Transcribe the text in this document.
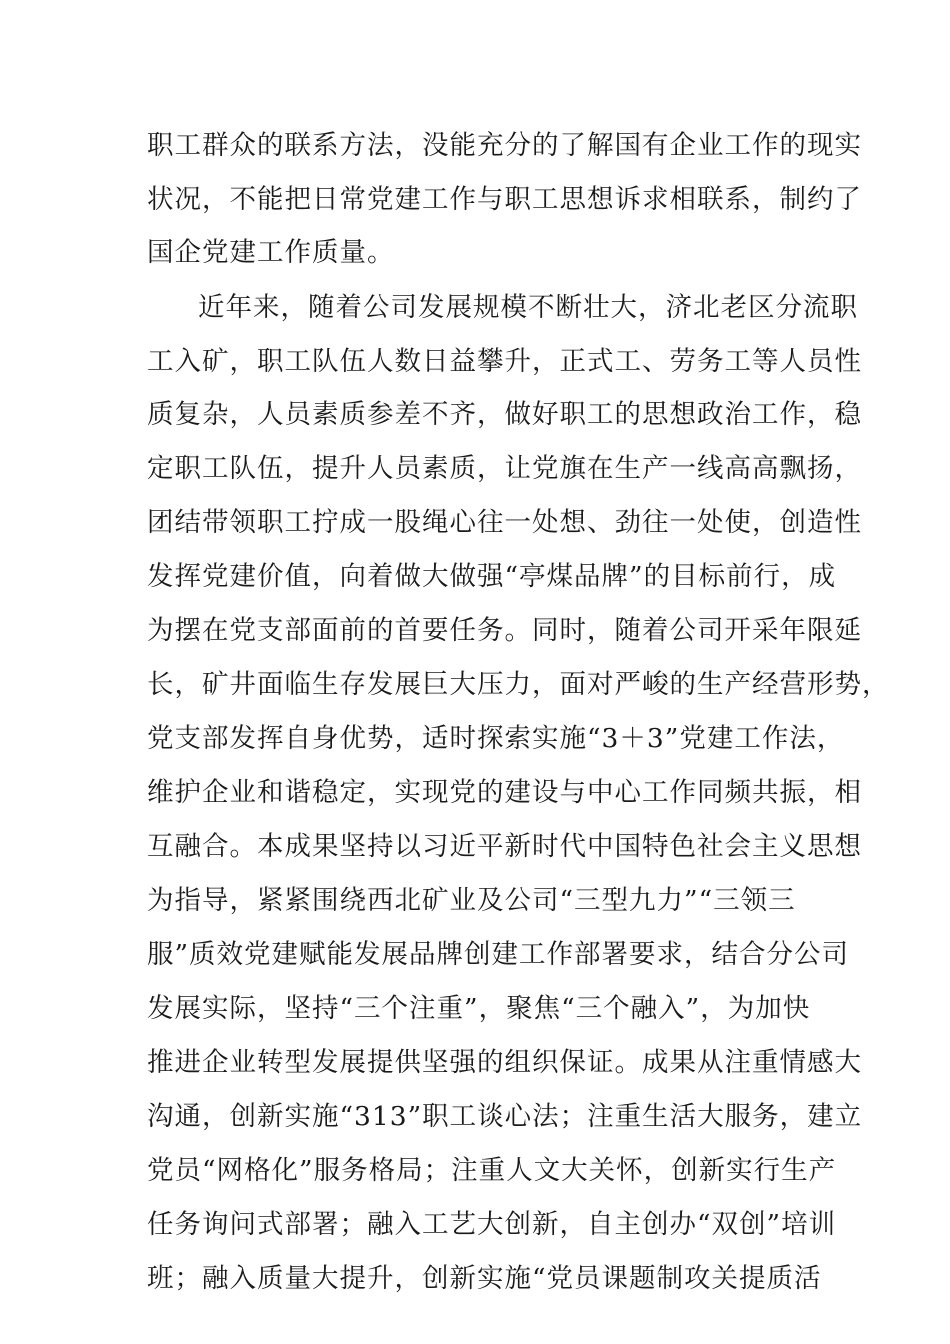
职工群众的联系方法，没能充分的了解国有企业工作的现实
状况，不能把日常党建工作与职工思想诉求相联系，制约了
国企党建工作质量。
近年来，随着公司发展规模不断壮大，济北老区分流职
工入矿，职工队伍人数日益攀升，正式工、劳务工等人员性
质复杂，人员素质参差不齐，做好职工的思想政治工作，稳
定职工队伍，提升人员素质，让党旗在生产一线高高飘扬，
团结带领职工拧成一股绳心往一处想、劲往一处使，创造性
发挥党建价值，向着做大做强“亭煤品牌”的目标前行，成
为摆在党支部面前的首要任务。同时，随着公司开采年限延
长，矿井面临生存发展巨大压力，面对严峻的生产经营形势，
党支部发挥自身优势，适时探索实施“3＋3”党建工作法，
维护企业和谐稳定，实现党的建设与中心工作同频共振，相
互融合。本成果坚持以习近平新时代中国特色社会主义思想
为指导，紧紧围绕西北矿业及公司“三型九力”“三领三
服”质效党建赋能发展品牌创建工作部署要求，结合分公司
发展实际，坚持“三个注重”，聚焦“三个融入”，为加快
推进企业转型发展提供坚强的组织保证。成果从注重情感大
沟通，创新实施“313”职工谈心法；注重生活大服务，建立
党员“网格化”服务格局；注重人文大关怀，创新实行生产
任务询问式部署；融入工艺大创新，自主创办“双创”培训
班；融入质量大提升，创新实施“党员课题制攻关提质活
